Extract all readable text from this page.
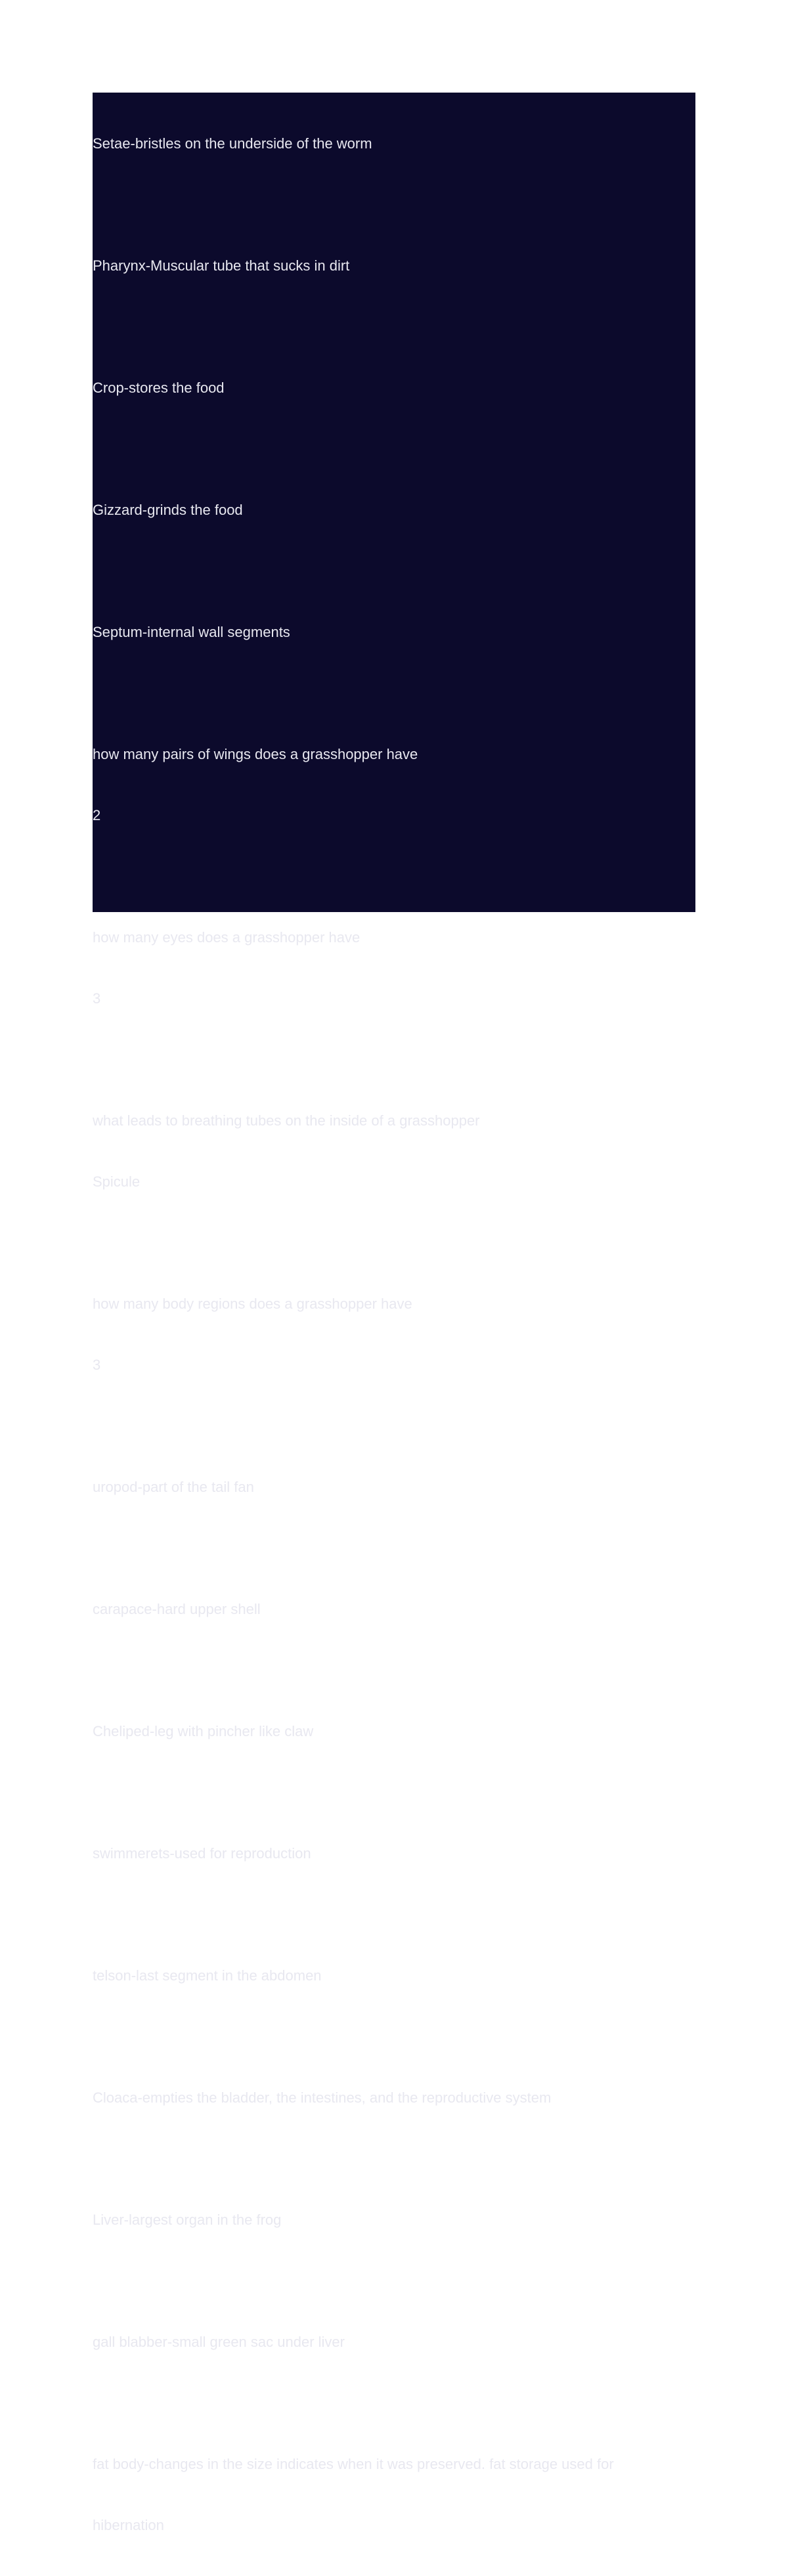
Setae-bristles on the underside of the worm

Pharynx-Muscular tube that sucks in dirt

Crop-stores the food

Gizzard-grinds the food

Septum-internal wall segments

how many pairs of wings does a grasshopper have

2

how many eyes does a grasshopper have

3

what leads to breathing tubes on the inside of a grasshopper

Spicule

how many body regions does a grasshopper have

3

uropod-part of the tail fan

carapace-hard upper shell

Cheliped-leg with pincher like claw

swimmerets-used for reproduction

telson-last segment in the abdomen

Cloaca-empties the bladder, the intestines, and the reproductive system

Liver-largest organ in the frog

gall blabber-small green sac under liver

fat body-changes in the size indicates when it was preserved. fat storage used for

hibernation
